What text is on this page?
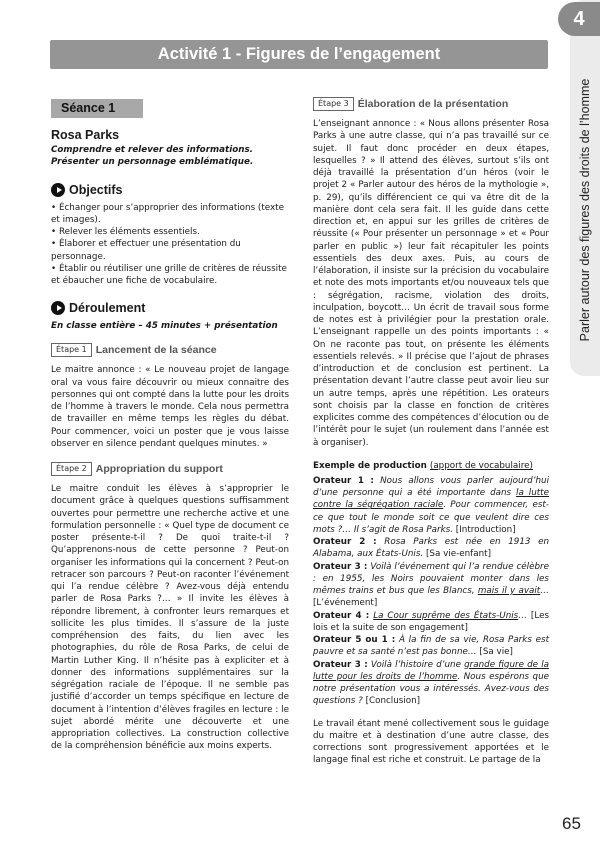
4
Parler autour des figures des droits de l’homme
Activité 1 - Figures de l’engagement
Séance 1
Rosa Parks
Comprendre et relever des informations. Présenter un personnage emblématique.
Objectifs

• Échanger pour s’approprier des informations (texte et images).

• Relever les éléments essentiels.

• Élaborer et effectuer une présentation du personnage.

• Établir ou réutiliser une grille de critères de réussite et ébaucher une fiche de vocabulaire.

Déroulement
En classe entière – 45 minutes + présentation
Étape 1 Lancement de la séance

Le maitre annonce : « Le nouveau projet de langage oral va vous faire découvrir ou mieux connaitre des personnes qui ont compté dans la lutte pour les droits de l’homme à travers le monde. Cela nous permettra de travailler en même temps les règles du débat. Pour commencer, voici un poster que je vous laisse observer en silence pendant quelques minutes. »

Étape 2 Appropriation du support

Le maitre conduit les élèves à s’approprier le document grâce à quelques questions suffisamment ouvertes pour permettre une recherche active et une formulation personnelle : « Quel type de document ce poster présente-t-il ? De quoi traite-t-il ? Qu’apprenons-nous de cette personne ? Peut-on organiser les informations qui la concernent ? Peut-on retracer son parcours ? Peut-on raconter l’événement qui l’a rendue célèbre ? Avez-vous déjà entendu parler de Rosa Parks ?… » Il invite les élèves à répondre librement, à confronter leurs remarques et sollicite les plus timides. Il s’assure de la juste compréhension des faits, du lien avec les photographies, du rôle de Rosa Parks, de celui de Martin Luther King. Il n’hésite pas à expliciter et à donner des informations supplémentaires sur la ségrégation raciale de l’époque. Il ne semble pas justifié d’accorder un temps spécifique en lecture de document à l’intention d’élèves fragiles en lecture : le sujet abordé mérite une découverte et une appropriation collectives. La construction collective de la compréhension bénéficie aux moins experts.

Étape 3 Élaboration de la présentation

L’enseignant annonce : « Nous allons présenter Rosa Parks à une autre classe, qui n’a pas travaillé sur ce sujet. Il faut donc procéder en deux étapes, lesquelles ? » Il attend des élèves, surtout s’ils ont déjà travaillé la présentation d’un héros (voir le projet 2 « Parler autour des héros de la mythologie », p. 29), qu’ils différencient ce qui va être dit de la manière dont cela sera fait. Il les guide dans cette direction et, en appui sur les grilles de critères de réussite (« Pour présenter un personnage » et « Pour parler en public ») leur fait récapituler les points essentiels des deux axes. Puis, au cours de l’élaboration, il insiste sur la précision du vocabulaire et note des mots importants et/ou nouveaux tels que : ségrégation, racisme, violation des droits, inculpation, boycott… Un écrit de travail sous forme de notes est à privilégier pour la prestation orale. L’enseignant rappelle un des points importants : « On ne raconte pas tout, on présente les éléments essentiels relevés. » Il précise que l’ajout de phrases d’introduction et de conclusion est pertinent. La présentation devant l’autre classe peut avoir lieu sur un autre temps, après une répétition. Les orateurs sont choisis par la classe en fonction de critères explicites comme des compétences d’élocution ou de l’intérêt pour le sujet (un roulement dans l’année est à organiser).

Exemple de production (apport de vocabulaire)

Orateur 1 : Nous allons vous parler aujourd’hui d’une personne qui a été importante dans la lutte contre la ségrégation raciale. Pour commencer, est-ce que tout le monde soit ce que veulent dire ces mots ?… Il s’agit de Rosa Parks. [Introduction]

Orateur 2 : Rosa Parks est née en 1913 en Alabama, aux États-Unis. [Sa vie-enfant]

Orateur 3 : Voilà l’événement qui l’a rendue célèbre : en 1955, les Noirs pouvaient monter dans les mêmes trains et bus que les Blancs, mais il y avait… [L’événement]

Orateur 4 : La Cour suprême des États-Unis… [Les lois et la suite de son engagement]

Orateur 5 ou 1 : À la fin de sa vie, Rosa Parks est pauvre et sa santé n’est pas bonne… [Sa vie]

Orateur 3 : Voilà l’histoire d’une grande figure de la lutte pour les droits de l’homme. Nous espérons que notre présentation vous a intéressés. Avez-vous des questions ? [Conclusion]

Le travail étant mené collectivement sous le guidage du maitre et à destination d’une autre classe, des corrections sont progressivement apportées et le langage final est riche et construit. Le partage de la

65
